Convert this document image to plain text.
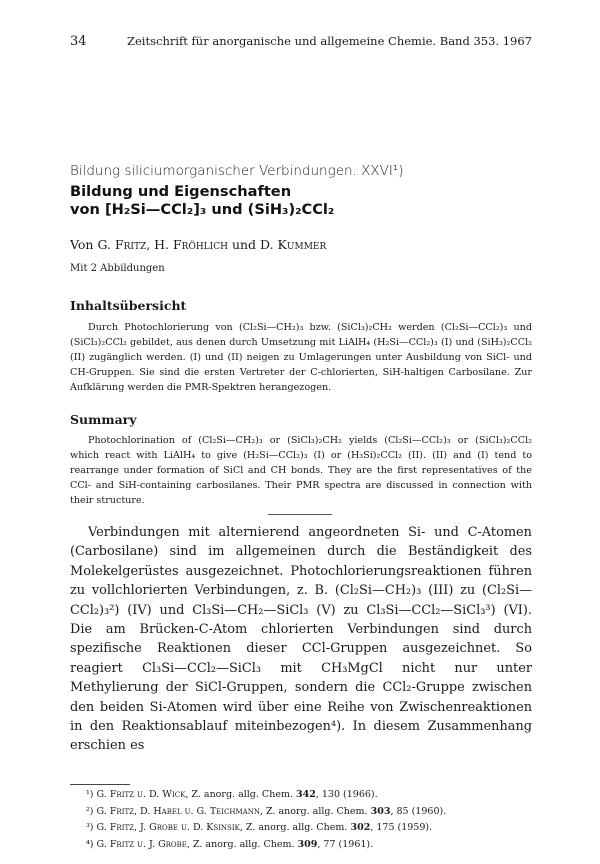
34	Zeitschrift für anorganische und allgemeine Chemie. Band 353. 1967
Bildung siliciumorganischer Verbindungen. XXVI¹)
Bildung und Eigenschaften
von [H₂Si—CCl₂]₃ und (SiH₃)₂CCl₂
Von G. Fritz, H. Fröhlich und D. Kummer
Mit 2 Abbildungen
Inhaltsübersicht

Durch Photochlorierung von (Cl₂Si—CH₂)₃ bzw. (SiCl₃)₂CH₂ werden (Cl₂Si—CCl₂)₃ und (SiCl₃)₂CCl₂ gebildet, aus denen durch Umsetzung mit LiAlH₄ (H₂Si—CCl₂)₃ (I) und (SiH₃)₂CCl₂ (II) zugänglich werden. (I) und (II) neigen zu Umlagerungen unter Ausbildung von SiCl- und CH-Gruppen. Sie sind die ersten Vertreter der C-chlorierten, SiH-haltigen Carbosilane. Zur Aufklärung werden die PMR-Spektren herangezogen.

Summary

Photochlorination of (Cl₂Si—CH₂)₃ or (SiCl₃)₂CH₂ yields (Cl₂Si—CCl₂)₃ or (SiCl₃)₂CCl₂ which react with LiAlH₄ to give (H₂Si—CCl₂)₃ (I) or (H₃Si)₂CCl₂ (II). (II) and (I) tend to rearrange under formation of SiCl and CH bonds. They are the first representatives of the CCl- and SiH-containing carbosilanes. Their PMR spectra are discussed in connection with their structure.

Verbindungen mit alternierend angeordneten Si- und C-Atomen (Carbosilane) sind im allgemeinen durch die Beständigkeit des Molekelgerüstes ausgezeichnet. Photochlorierungsreaktionen führen zu vollchlorierten Verbindungen, z. B. (Cl₂Si—CH₂)₃ (III) zu (Cl₂Si—CCl₂)₃²) (IV) und Cl₃Si—CH₂—SiCl₃ (V) zu Cl₃Si—CCl₂—SiCl₃³) (VI). Die am Brücken-C-Atom chlorierten Verbindungen sind durch spezifische Reaktionen dieser CCl-Gruppen ausgezeichnet. So reagiert Cl₃Si—CCl₂—SiCl₃ mit CH₃MgCl nicht nur unter Methylierung der SiCl-Gruppen, sondern die CCl₂-Gruppe zwischen den beiden Si-Atomen wird über eine Reihe von Zwischenreaktionen in den Reaktionsablauf miteinbezogen⁴). In diesem Zusammenhang erschien es

¹) G. Fritz u. D. Wick, Z. anorg. allg. Chem. 342, 130 (1966).
²) G. Fritz, D. Habel u. G. Teichmann, Z. anorg. allg. Chem. 303, 85 (1960).
³) G. Fritz, J. Grobe u. D. Ksinsik, Z. anorg. allg. Chem. 302, 175 (1959).
⁴) G. Fritz u. J. Grobe, Z. anorg. allg. Chem. 309, 77 (1961).
